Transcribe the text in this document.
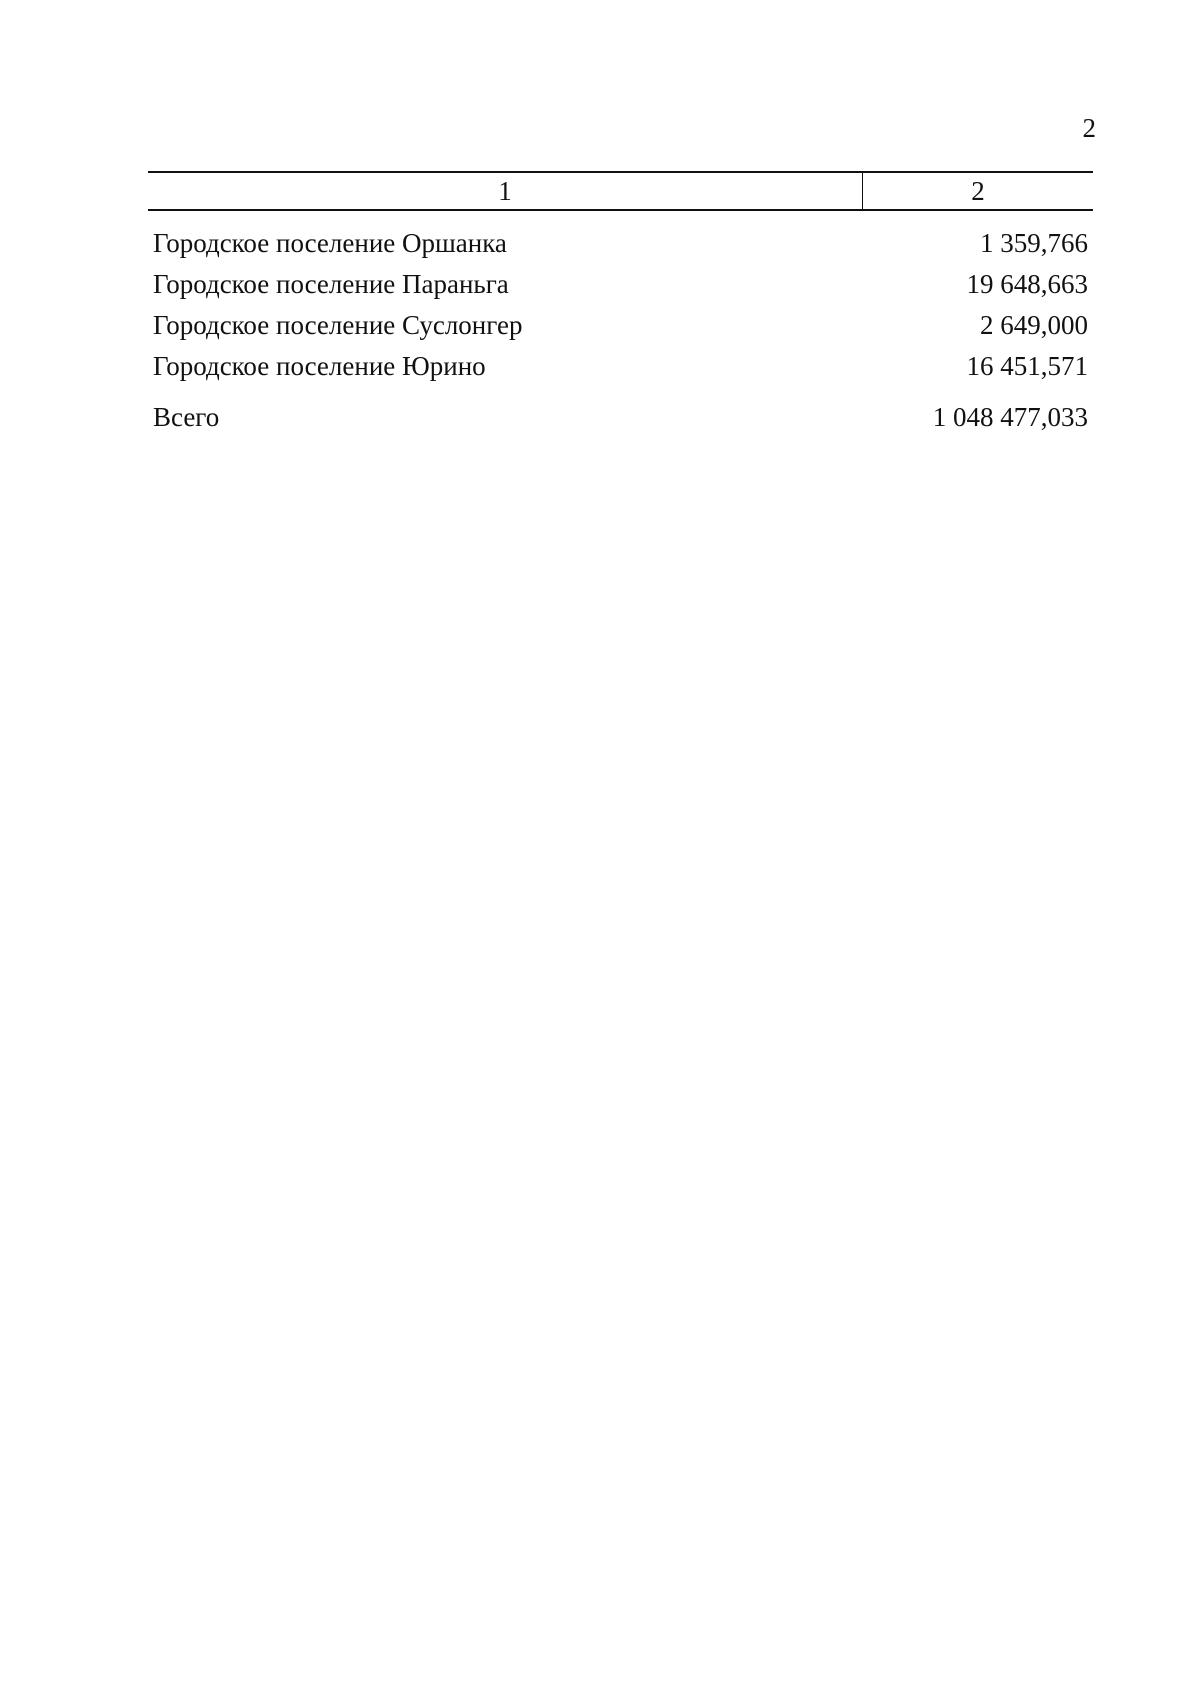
2
1	2
Городское поселение Оршанка	1 359,766
Городское поселение Параньга	19 648,663
Городское поселение Суслонгер	2 649,000
Городское поселение Юрино	16 451,571
Всего	1 048 477,033
